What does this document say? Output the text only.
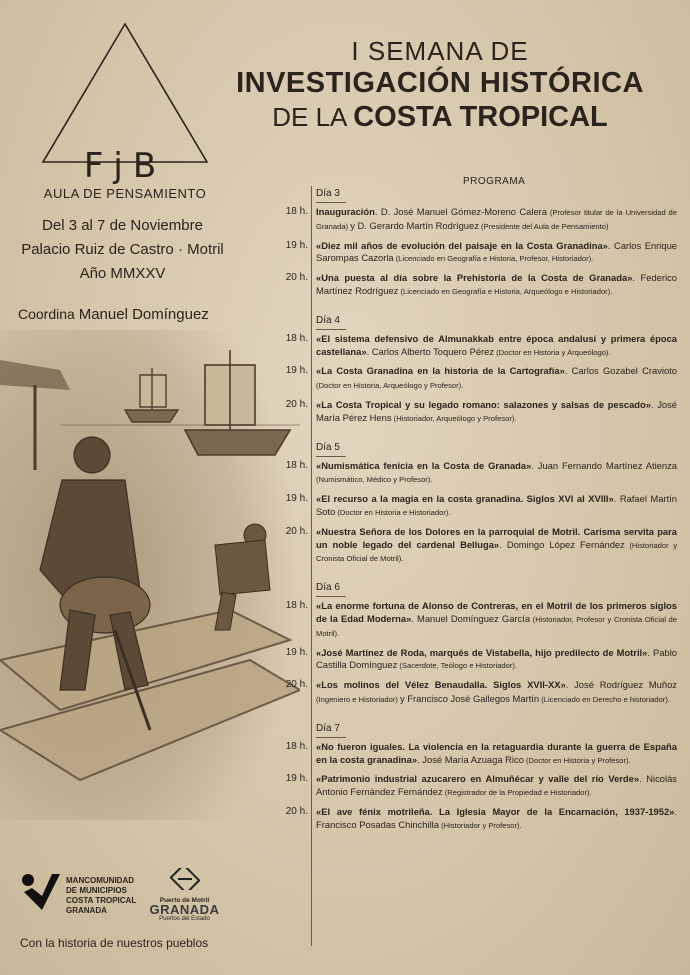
FjB
AULA DE PENSAMIENTO
I SEMANA DE
INVESTIGACIÓN HISTÓRICA
DE LA COSTA TROPICAL
Del 3 al 7 de Noviembre
Palacio Ruiz de Castro · Motril
Año MMXXV
Coordina Manuel Domínguez
PROGRAMA
Día 3
18 h. Inauguración. D. José Manuel Gómez-Moreno Calera (Profesor titular de la Universidad de Granada) y D. Gerardo Martín Rodríguez (Presidente del Aula de Pensamiento)
19 h. «Diez mil años de evolución del paisaje en la Costa Granadina». Carlos Enrique Sarompas Cazorla (Licenciado en Geografía e Historia, Profesor, Historiador).
20 h. «Una puesta al día sobre la Prehistoria de la Costa de Granada». Federico Martínez Rodríguez (Licenciado en Geografía e Historia, Arqueólogo e Historiador).
Día 4
18 h. «El sistema defensivo de Almunakkab entre época andalusí y primera época castellana». Carlos Alberto Toquero Pérez (Doctor en Historia y Arqueólogo).
19 h. «La Costa Granadina en la historia de la Cartografía». Carlos Gozabel Cravioto (Doctor en Historia, Arqueólogo y Profesor).
20 h. «La Costa Tropical y su legado romano: salazones y salsas de pescado». José María Pérez Hens (Historiador, Arqueólogo y Profesor).
Día 5
18 h. «Numismática fenicia en la Costa de Granada». Juan Fernando Martínez Atienza (Numismático, Médico y Profesor).
19 h. «El recurso a la magia en la costa granadina. Siglos XVI al XVIII». Rafael Martín Soto (Doctor en Historia e Historiador).
20 h. «Nuestra Señora de los Dolores en la parroquial de Motril. Carisma servita para un noble legado del cardenal Belluga». Domingo López Fernández (Historiador y Cronista Oficial de Motril).
Día 6
18 h. «La enorme fortuna de Alonso de Contreras, en el Motril de los primeros siglos de la Edad Moderna». Manuel Domínguez García (Historiador, Profesor y Cronista Oficial de Motril).
19 h. «José Martínez de Roda, marqués de Vistabella, hijo predilecto de Motril». Pablo Castilla Domínguez (Sacerdote, Teólogo e Historiador).
20 h. «Los molinos del Vélez Benaudalla. Siglos XVII-XX». José Rodríguez Muñoz (Ingeniero e Historiador) y Francisco José Gallegos Martín (Licenciado en Derecho e historiador).
Día 7
18 h. «No fueron iguales. La violencia en la retaguardia durante la guerra de España en la costa granadina». José María Azuaga Rico (Doctor en Historia y Profesor).
19 h. «Patrimonio industrial azucarero en Almuñécar y valle del río Verde». Nicolás Antonio Fernández Fernández (Registrador de la Propiedad e Historiador).
20 h. «El ave fénix motrileña. La Iglesia Mayor de la Encarnación, 1937-1952». Francisco Posadas Chinchilla (Historiador y Profesor).
MANCOMUNIDAD
DE MUNICIPIOS
COSTA TROPICAL
GRANADA
Puerto de Motril
GRANADA
Puertos del Estado
Con la historia de nuestros pueblos
